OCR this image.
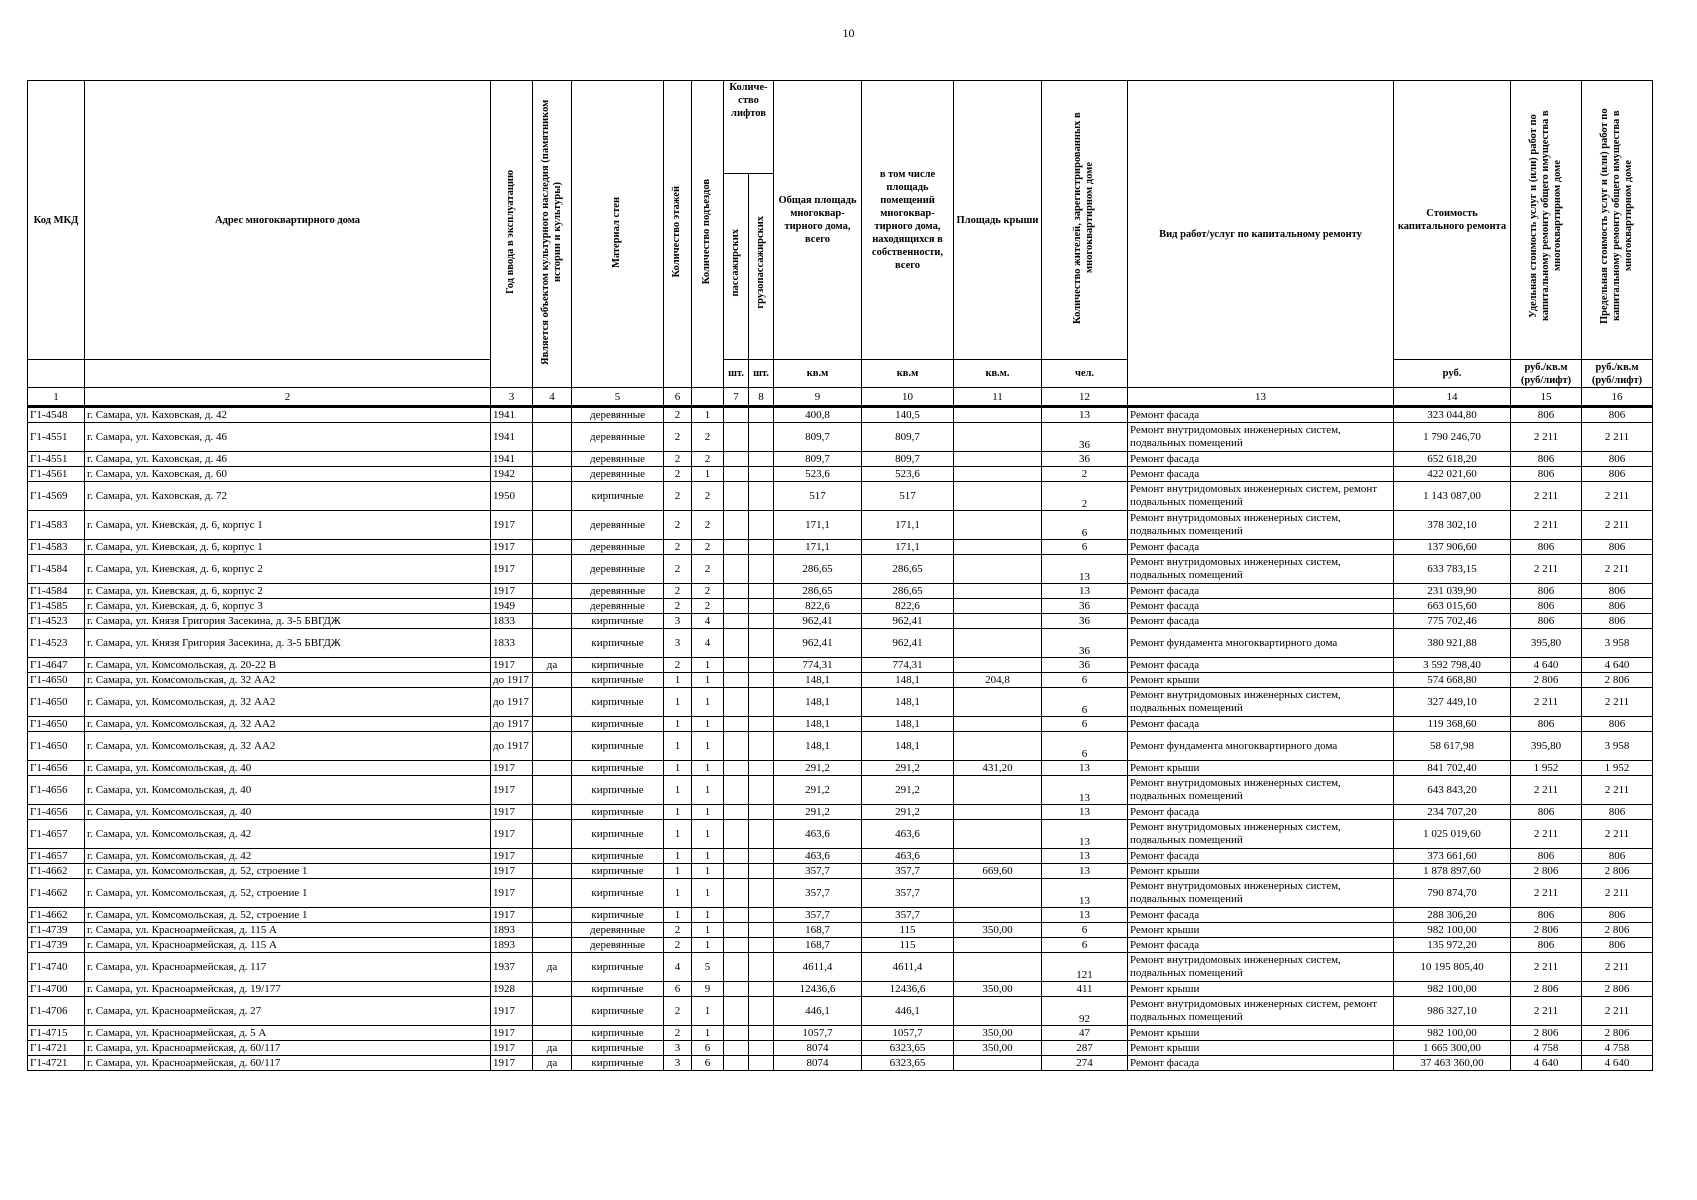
10
Код МКД	Адрес многоквартирного дома	Год ввода в эксплуатацию	Является объектом культурного наследия (памятником истории и культуры)	Материал стен	Количество этажей	Количество подъездов	Количе-ство лифтов		Общая площадь многоквар-тирного дома, всего	в том числе площадь помещений многоквар-тирного дома, находящихся в собственности, всего	Площадь крыши	Количество жителей, зарегистрированных в многоквартирном доме	Вид работ/услуг по капитальному ремонту	Стоимость капитального ремонта	Удельная стоимость услуг и (или) работ по капитальному ремонту общего имущества в многоквартирном доме	Предельная стоимость услуг и (или) работ по капитальному ремонту общего имущества в многоквартирном доме
							пассажирских	грузопассажирских								
							шт.	шт.	кв.м	кв.м	кв.м.	чел.		руб.	руб./кв.м (руб/лифт)	руб./кв.м (руб/лифт)
1	2	3	4	5	6		7	8	9	10	11	12	13	14	15	16
Г1-4548	г. Самара, ул. Каховская, д. 42	1941		деревянные	2	1			400,8	140,5		13	Ремонт фасада	323 044,80	806	806
Г1-4551	г. Самара, ул. Каховская, д. 46	1941		деревянные	2	2			809,7	809,7		36	Ремонт внутридомовых инженерных систем, подвальных помещений	1 790 246,70	2 211	2 211
Г1-4551	г. Самара, ул. Каховская, д. 46	1941		деревянные	2	2			809,7	809,7		36	Ремонт фасада	652 618,20	806	806
Г1-4561	г. Самара, ул. Каховская, д. 60	1942		деревянные	2	1			523,6	523,6		2	Ремонт фасада	422 021,60	806	806
Г1-4569	г. Самара, ул. Каховская, д. 72	1950		кирпичные	2	2			517	517		2	Ремонт внутридомовых инженерных систем, ремонт подвальных помещений	1 143 087,00	2 211	2 211
Г1-4583	г. Самара, ул. Киевская, д. 6, корпус 1	1917		деревянные	2	2			171,1	171,1		6	Ремонт внутридомовых инженерных систем, подвальных помещений	378 302,10	2 211	2 211
Г1-4583	г. Самара, ул. Киевская, д. 6, корпус 1	1917		деревянные	2	2			171,1	171,1		6	Ремонт фасада	137 906,60	806	806
Г1-4584	г. Самара, ул. Киевская, д. 6, корпус 2	1917		деревянные	2	2			286,65	286,65		13	Ремонт внутридомовых инженерных систем, подвальных помещений	633 783,15	2 211	2 211
Г1-4584	г. Самара, ул. Киевская, д. 6, корпус 2	1917		деревянные	2	2			286,65	286,65		13	Ремонт фасада	231 039,90	806	806
Г1-4585	г. Самара, ул. Киевская, д. 6, корпус 3	1949		деревянные	2	2			822,6	822,6		36	Ремонт фасада	663 015,60	806	806
Г1-4523	г. Самара, ул. Князя Григория Засекина, д. 3-5 БВГДЖ	1833		кирпичные	3	4			962,41	962,41		36	Ремонт фасада	775 702,46	806	806
Г1-4523	г. Самара, ул. Князя Григория Засекина, д. 3-5 БВГДЖ	1833		кирпичные	3	4			962,41	962,41		36	Ремонт фундамента многоквартирного дома	380 921,88	395,80	3 958
Г1-4647	г. Самара, ул. Комсомольская, д. 20-22 В	1917	да	кирпичные	2	1			774,31	774,31		36	Ремонт фасада	3 592 798,40	4 640	4 640
Г1-4650	г. Самара, ул. Комсомольская, д. 32 АА2	до 1917		кирпичные	1	1			148,1	148,1	204,8	6	Ремонт крыши	574 668,80	2 806	2 806
Г1-4650	г. Самара, ул. Комсомольская, д. 32 АА2	до 1917		кирпичные	1	1			148,1	148,1		6	Ремонт внутридомовых инженерных систем, подвальных помещений	327 449,10	2 211	2 211
Г1-4650	г. Самара, ул. Комсомольская, д. 32 АА2	до 1917		кирпичные	1	1			148,1	148,1		6	Ремонт фасада	119 368,60	806	806
Г1-4650	г. Самара, ул. Комсомольская, д. 32 АА2	до 1917		кирпичные	1	1			148,1	148,1		6	Ремонт фундамента многоквартирного дома	58 617,98	395,80	3 958
Г1-4656	г. Самара, ул. Комсомольская, д. 40	1917		кирпичные	1	1			291,2	291,2	431,20	13	Ремонт крыши	841 702,40	1 952	1 952
Г1-4656	г. Самара, ул. Комсомольская, д. 40	1917		кирпичные	1	1			291,2	291,2		13	Ремонт внутридомовых инженерных систем, подвальных помещений	643 843,20	2 211	2 211
Г1-4656	г. Самара, ул. Комсомольская, д. 40	1917		кирпичные	1	1			291,2	291,2		13	Ремонт фасада	234 707,20	806	806
Г1-4657	г. Самара, ул. Комсомольская, д. 42	1917		кирпичные	1	1			463,6	463,6		13	Ремонт внутридомовых инженерных систем, подвальных помещений	1 025 019,60	2 211	2 211
Г1-4657	г. Самара, ул. Комсомольская, д. 42	1917		кирпичные	1	1			463,6	463,6		13	Ремонт фасада	373 661,60	806	806
Г1-4662	г. Самара, ул. Комсомольская, д. 52, строение 1	1917		кирпичные	1	1			357,7	357,7	669,60	13	Ремонт крыши	1 878 897,60	2 806	2 806
Г1-4662	г. Самара, ул. Комсомольская, д. 52, строение 1	1917		кирпичные	1	1			357,7	357,7		13	Ремонт внутридомовых инженерных систем, подвальных помещений	790 874,70	2 211	2 211
Г1-4662	г. Самара, ул. Комсомольская, д. 52, строение 1	1917		кирпичные	1	1			357,7	357,7		13	Ремонт фасада	288 306,20	806	806
Г1-4739	г. Самара, ул. Красноармейская, д. 115 А	1893		деревянные	2	1			168,7	115	350,00	6	Ремонт крыши	982 100,00	2 806	2 806
Г1-4739	г. Самара, ул. Красноармейская, д. 115 А	1893		деревянные	2	1			168,7	115		6	Ремонт фасада	135 972,20	806	806
Г1-4740	г. Самара, ул. Красноармейская, д. 117	1937	да	кирпичные	4	5			4611,4	4611,4		121	Ремонт внутридомовых инженерных систем, подвальных помещений	10 195 805,40	2 211	2 211
Г1-4700	г. Самара, ул. Красноармейская, д. 19/177	1928		кирпичные	6	9			12436,6	12436,6	350,00	411	Ремонт крыши	982 100,00	2 806	2 806
Г1-4706	г. Самара, ул. Красноармейская, д. 27	1917		кирпичные	2	1			446,1	446,1		92	Ремонт внутридомовых инженерных систем, ремонт подвальных помещений	986 327,10	2 211	2 211
Г1-4715	г. Самара, ул. Красноармейская, д. 5 А	1917		кирпичные	2	1			1057,7	1057,7	350,00	47	Ремонт крыши	982 100,00	2 806	2 806
Г1-4721	г. Самара, ул. Красноармейская, д. 60/117	1917	да	кирпичные	3	6			8074	6323,65	350,00	287	Ремонт крыши	1 665 300,00	4 758	4 758
Г1-4721	г. Самара, ул. Красноармейская, д. 60/117	1917	да	кирпичные	3	6			8074	6323,65		274	Ремонт фасада	37 463 360,00	4 640	4 640
